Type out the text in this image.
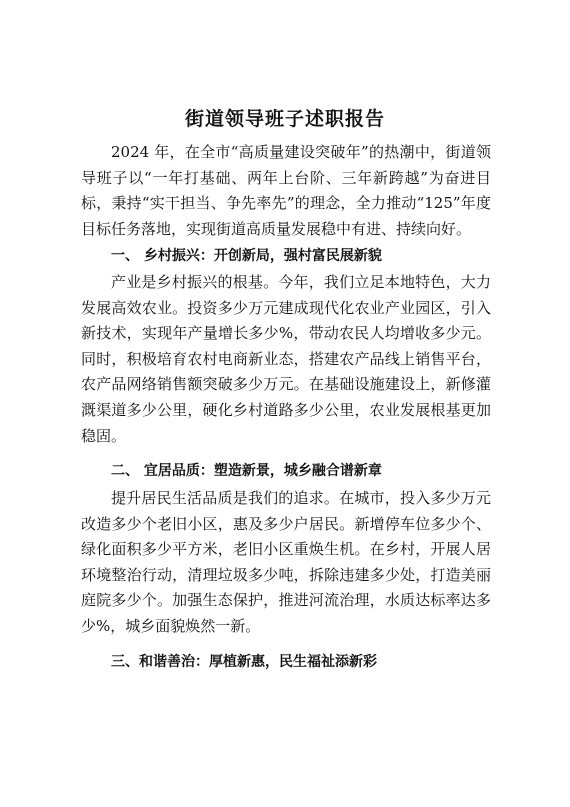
街道领导班子述职报告

2024 年，在全市“高质量建设突破年”的热潮中，街道领导班子以“一年打基础、两年上台阶、三年新跨越”为奋进目标，秉持“实干担当、争先率先”的理念，全力推动“125”年度目标任务落地，实现街道高质量发展稳中有进、持续向好。

一、 乡村振兴：开创新局，强村富民展新貌

产业是乡村振兴的根基。今年，我们立足本地特色，大力发展高效农业。投资多少万元建成现代化农业产业园区，引入新技术，实现年产量增长多少%，带动农民人均增收多少元。同时，积极培育农村电商新业态，搭建农产品线上销售平台，农产品网络销售额突破多少万元。在基础设施建设上，新修灌溉渠道多少公里，硬化乡村道路多少公里，农业发展根基更加稳固。

二、 宜居品质：塑造新景，城乡融合谱新章

提升居民生活品质是我们的追求。在城市，投入多少万元改造多少个老旧小区，惠及多少户居民。新增停车位多少个、绿化面积多少平方米，老旧小区重焕生机。在乡村，开展人居环境整治行动，清理垃圾多少吨，拆除违建多少处，打造美丽庭院多少个。加强生态保护，推进河流治理，水质达标率达多少%，城乡面貌焕然一新。

三、和谐善治：厚植新惠，民生福祉添新彩
